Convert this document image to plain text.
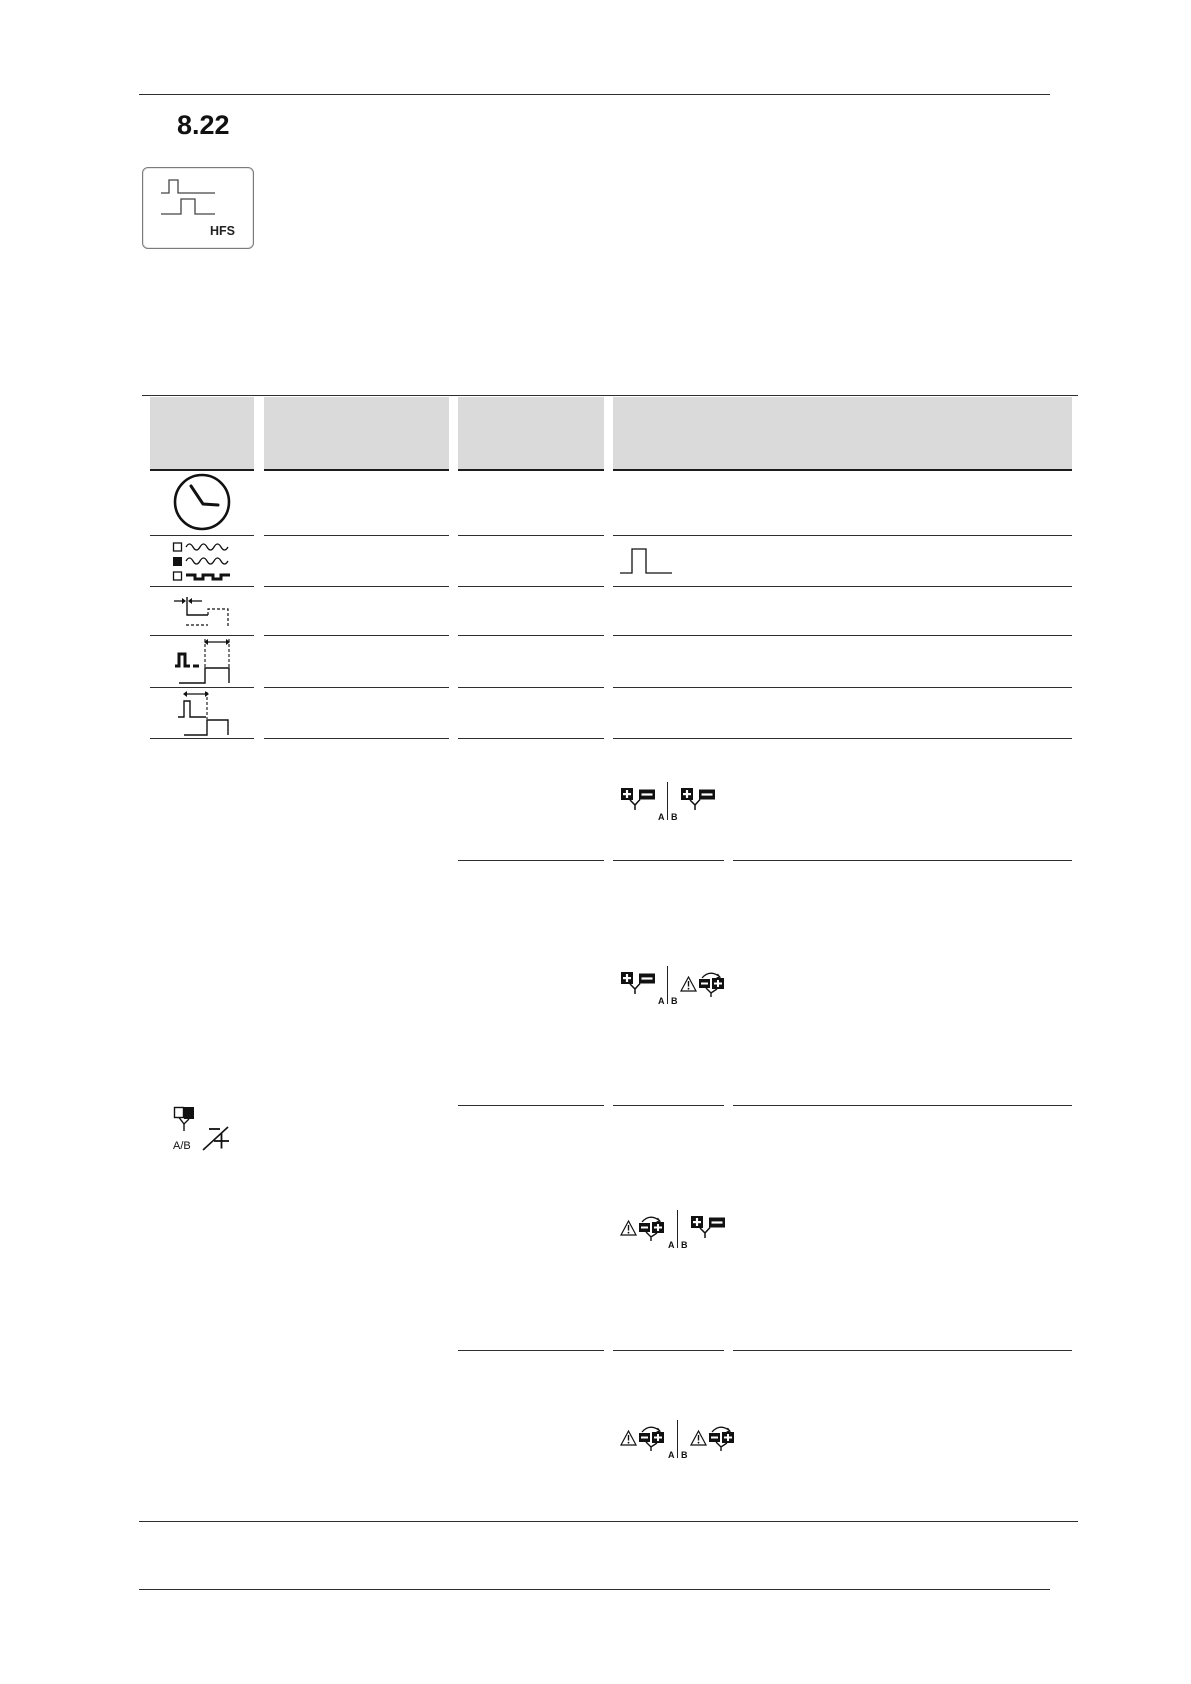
8.22
HFS
A/B
A B
A B
A B
A B
